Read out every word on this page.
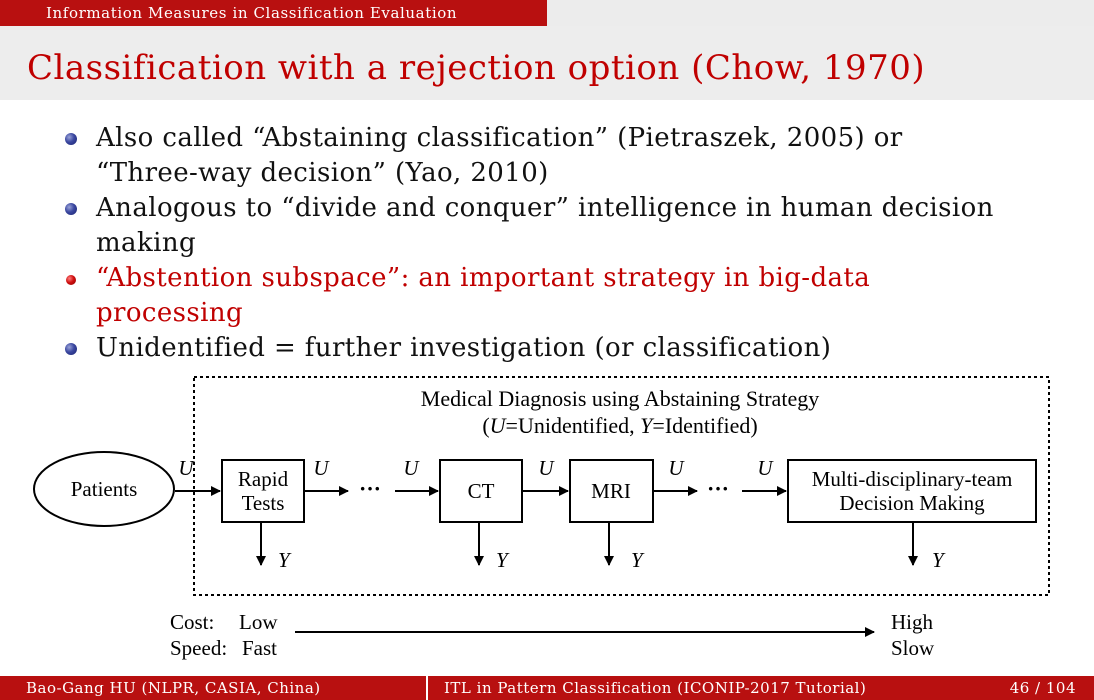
Information Measures in Classification Evaluation
Classification with a rejection option (Chow, 1970)
Also called “Abstaining classification” (Pietraszek, 2005) or
“Three-way decision” (Yao, 2010)
Analogous to “divide and conquer” intelligence in human decision
making
“Abstention subspace”: an important strategy in big-data
processing
Unidentified = further investigation (or classification)
Medical Diagnosis using Abstaining Strategy
(U=Unidentified, Y=Identified)
Patients	Rapid
Tests	CT	MRI	Multi-disciplinary-team
Decision Making
···	···
U	U	U	U	U	U
Y	Y	Y	Y
Cost: Low
Speed: Fast
High
Slow
Bao-Gang HU (NLPR, CASIA, China)	ITL in Pattern Classification (ICONIP-2017 Tutorial)	46 / 104
